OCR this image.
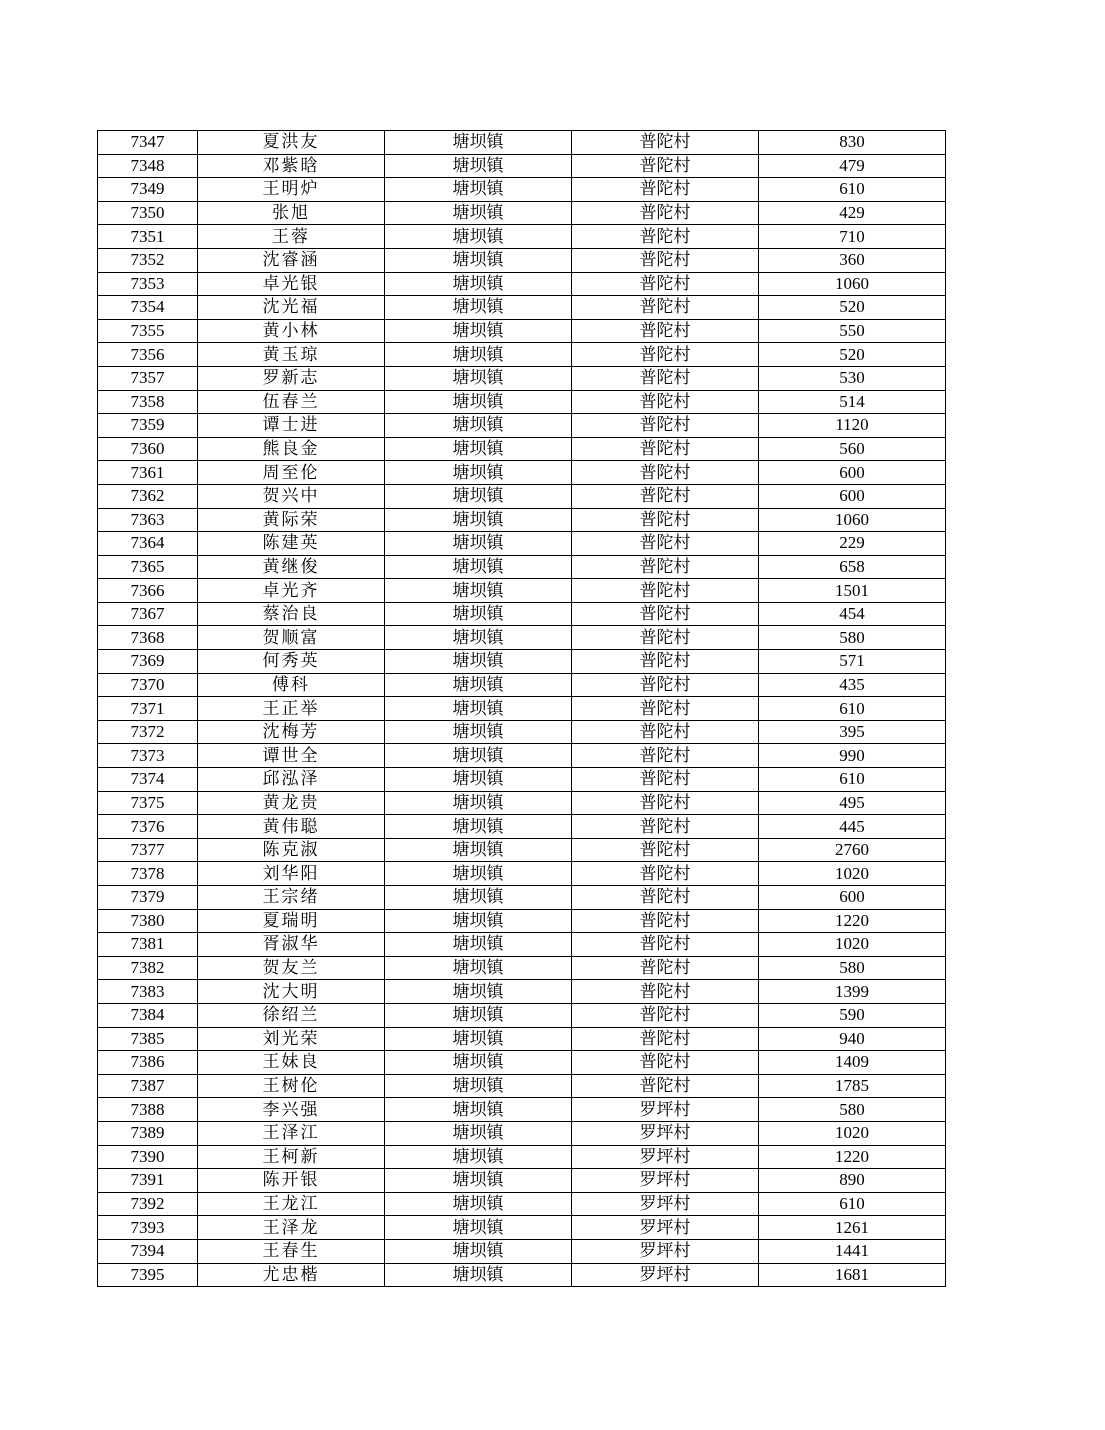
7347	夏洪友	塘坝镇	普陀村	830
7348	邓紫晗	塘坝镇	普陀村	479
7349	王明炉	塘坝镇	普陀村	610
7350	张旭	塘坝镇	普陀村	429
7351	王蓉	塘坝镇	普陀村	710
7352	沈睿涵	塘坝镇	普陀村	360
7353	卓光银	塘坝镇	普陀村	1060
7354	沈光福	塘坝镇	普陀村	520
7355	黄小林	塘坝镇	普陀村	550
7356	黄玉琼	塘坝镇	普陀村	520
7357	罗新志	塘坝镇	普陀村	530
7358	伍春兰	塘坝镇	普陀村	514
7359	谭士进	塘坝镇	普陀村	1120
7360	熊良金	塘坝镇	普陀村	560
7361	周至伦	塘坝镇	普陀村	600
7362	贺兴中	塘坝镇	普陀村	600
7363	黄际荣	塘坝镇	普陀村	1060
7364	陈建英	塘坝镇	普陀村	229
7365	黄继俊	塘坝镇	普陀村	658
7366	卓光齐	塘坝镇	普陀村	1501
7367	蔡治良	塘坝镇	普陀村	454
7368	贺顺富	塘坝镇	普陀村	580
7369	何秀英	塘坝镇	普陀村	571
7370	傅科	塘坝镇	普陀村	435
7371	王正举	塘坝镇	普陀村	610
7372	沈梅芳	塘坝镇	普陀村	395
7373	谭世全	塘坝镇	普陀村	990
7374	邱泓泽	塘坝镇	普陀村	610
7375	黄龙贵	塘坝镇	普陀村	495
7376	黄伟聪	塘坝镇	普陀村	445
7377	陈克淑	塘坝镇	普陀村	2760
7378	刘华阳	塘坝镇	普陀村	1020
7379	王宗绪	塘坝镇	普陀村	600
7380	夏瑞明	塘坝镇	普陀村	1220
7381	胥淑华	塘坝镇	普陀村	1020
7382	贺友兰	塘坝镇	普陀村	580
7383	沈大明	塘坝镇	普陀村	1399
7384	徐绍兰	塘坝镇	普陀村	590
7385	刘光荣	塘坝镇	普陀村	940
7386	王妹良	塘坝镇	普陀村	1409
7387	王树伦	塘坝镇	普陀村	1785
7388	李兴强	塘坝镇	罗坪村	580
7389	王泽江	塘坝镇	罗坪村	1020
7390	王柯新	塘坝镇	罗坪村	1220
7391	陈开银	塘坝镇	罗坪村	890
7392	王龙江	塘坝镇	罗坪村	610
7393	王泽龙	塘坝镇	罗坪村	1261
7394	王春生	塘坝镇	罗坪村	1441
7395	尤忠楷	塘坝镇	罗坪村	1681
